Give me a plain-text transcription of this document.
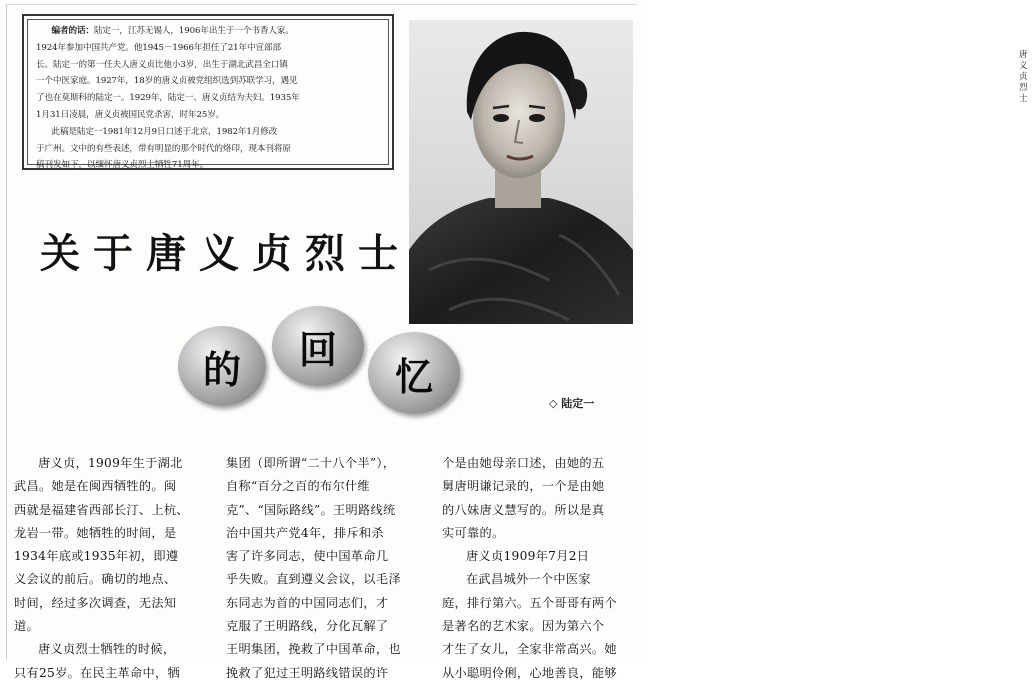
编者的话：陆定一，江苏无锡人，1906年出生于一个书香人家。

1924年参加中国共产党。他1945－1966年担任了21年中宣部部

长。陆定一的第一任夫人唐义贞比他小3岁，出生于湖北武昌全口镇

一个中医家庭。1927年，18岁的唐义贞被党组织选到苏联学习，遇见

了也在莫斯科的陆定一。1929年，陆定一、唐义贞结为夫妇。1935年

1月31日凌晨，唐义贞被国民党杀害，时年25岁。

此稿是陆定一1981年12月9日口述于北京，1982年1月修改

于广州。文中的有些表述，带有明显的那个时代的烙印，现本刊将原

稿刊发如下，以缅怀唐义贞烈士牺牲71周年。

唐义贞烈士
关于唐义贞烈士
的 回
忆
◇ 陆定一

唐义贞，1909年生于湖北

武昌。她是在闽西牺牲的。闽

西就是福建省西部长汀、上杭、

龙岩一带。她牺牲的时间，是

1934年底或1935年初，即遵

义会议的前后。确切的地点、

时间，经过多次调查，无法知

道。

唐义贞烈士牺牲的时候，

只有25岁。在民主革命中，牺

集团（即所谓“二十八个半”），

自称“百分之百的布尔什维

克”、“国际路线”。王明路线统

治中国共产党4年，排斥和杀

害了许多同志，使中国革命几

乎失败。直到遵义会议，以毛泽

东同志为首的中国同志们，才

克服了王明路线，分化瓦解了

王明集团，挽救了中国革命，也

挽救了犯过王明路线错误的许

个是由她母亲口述，由她的五

舅唐明谦记录的，一个是由她

的八妹唐义慧写的。所以是真

实可靠的。

唐义贞1909年7月2日

在武昌城外一个中医家

庭，排行第六。五个哥哥有两个

是著名的艺术家。因为第六个

才生了女儿，全家非常高兴。她

从小聪明伶俐，心地善良，能够
